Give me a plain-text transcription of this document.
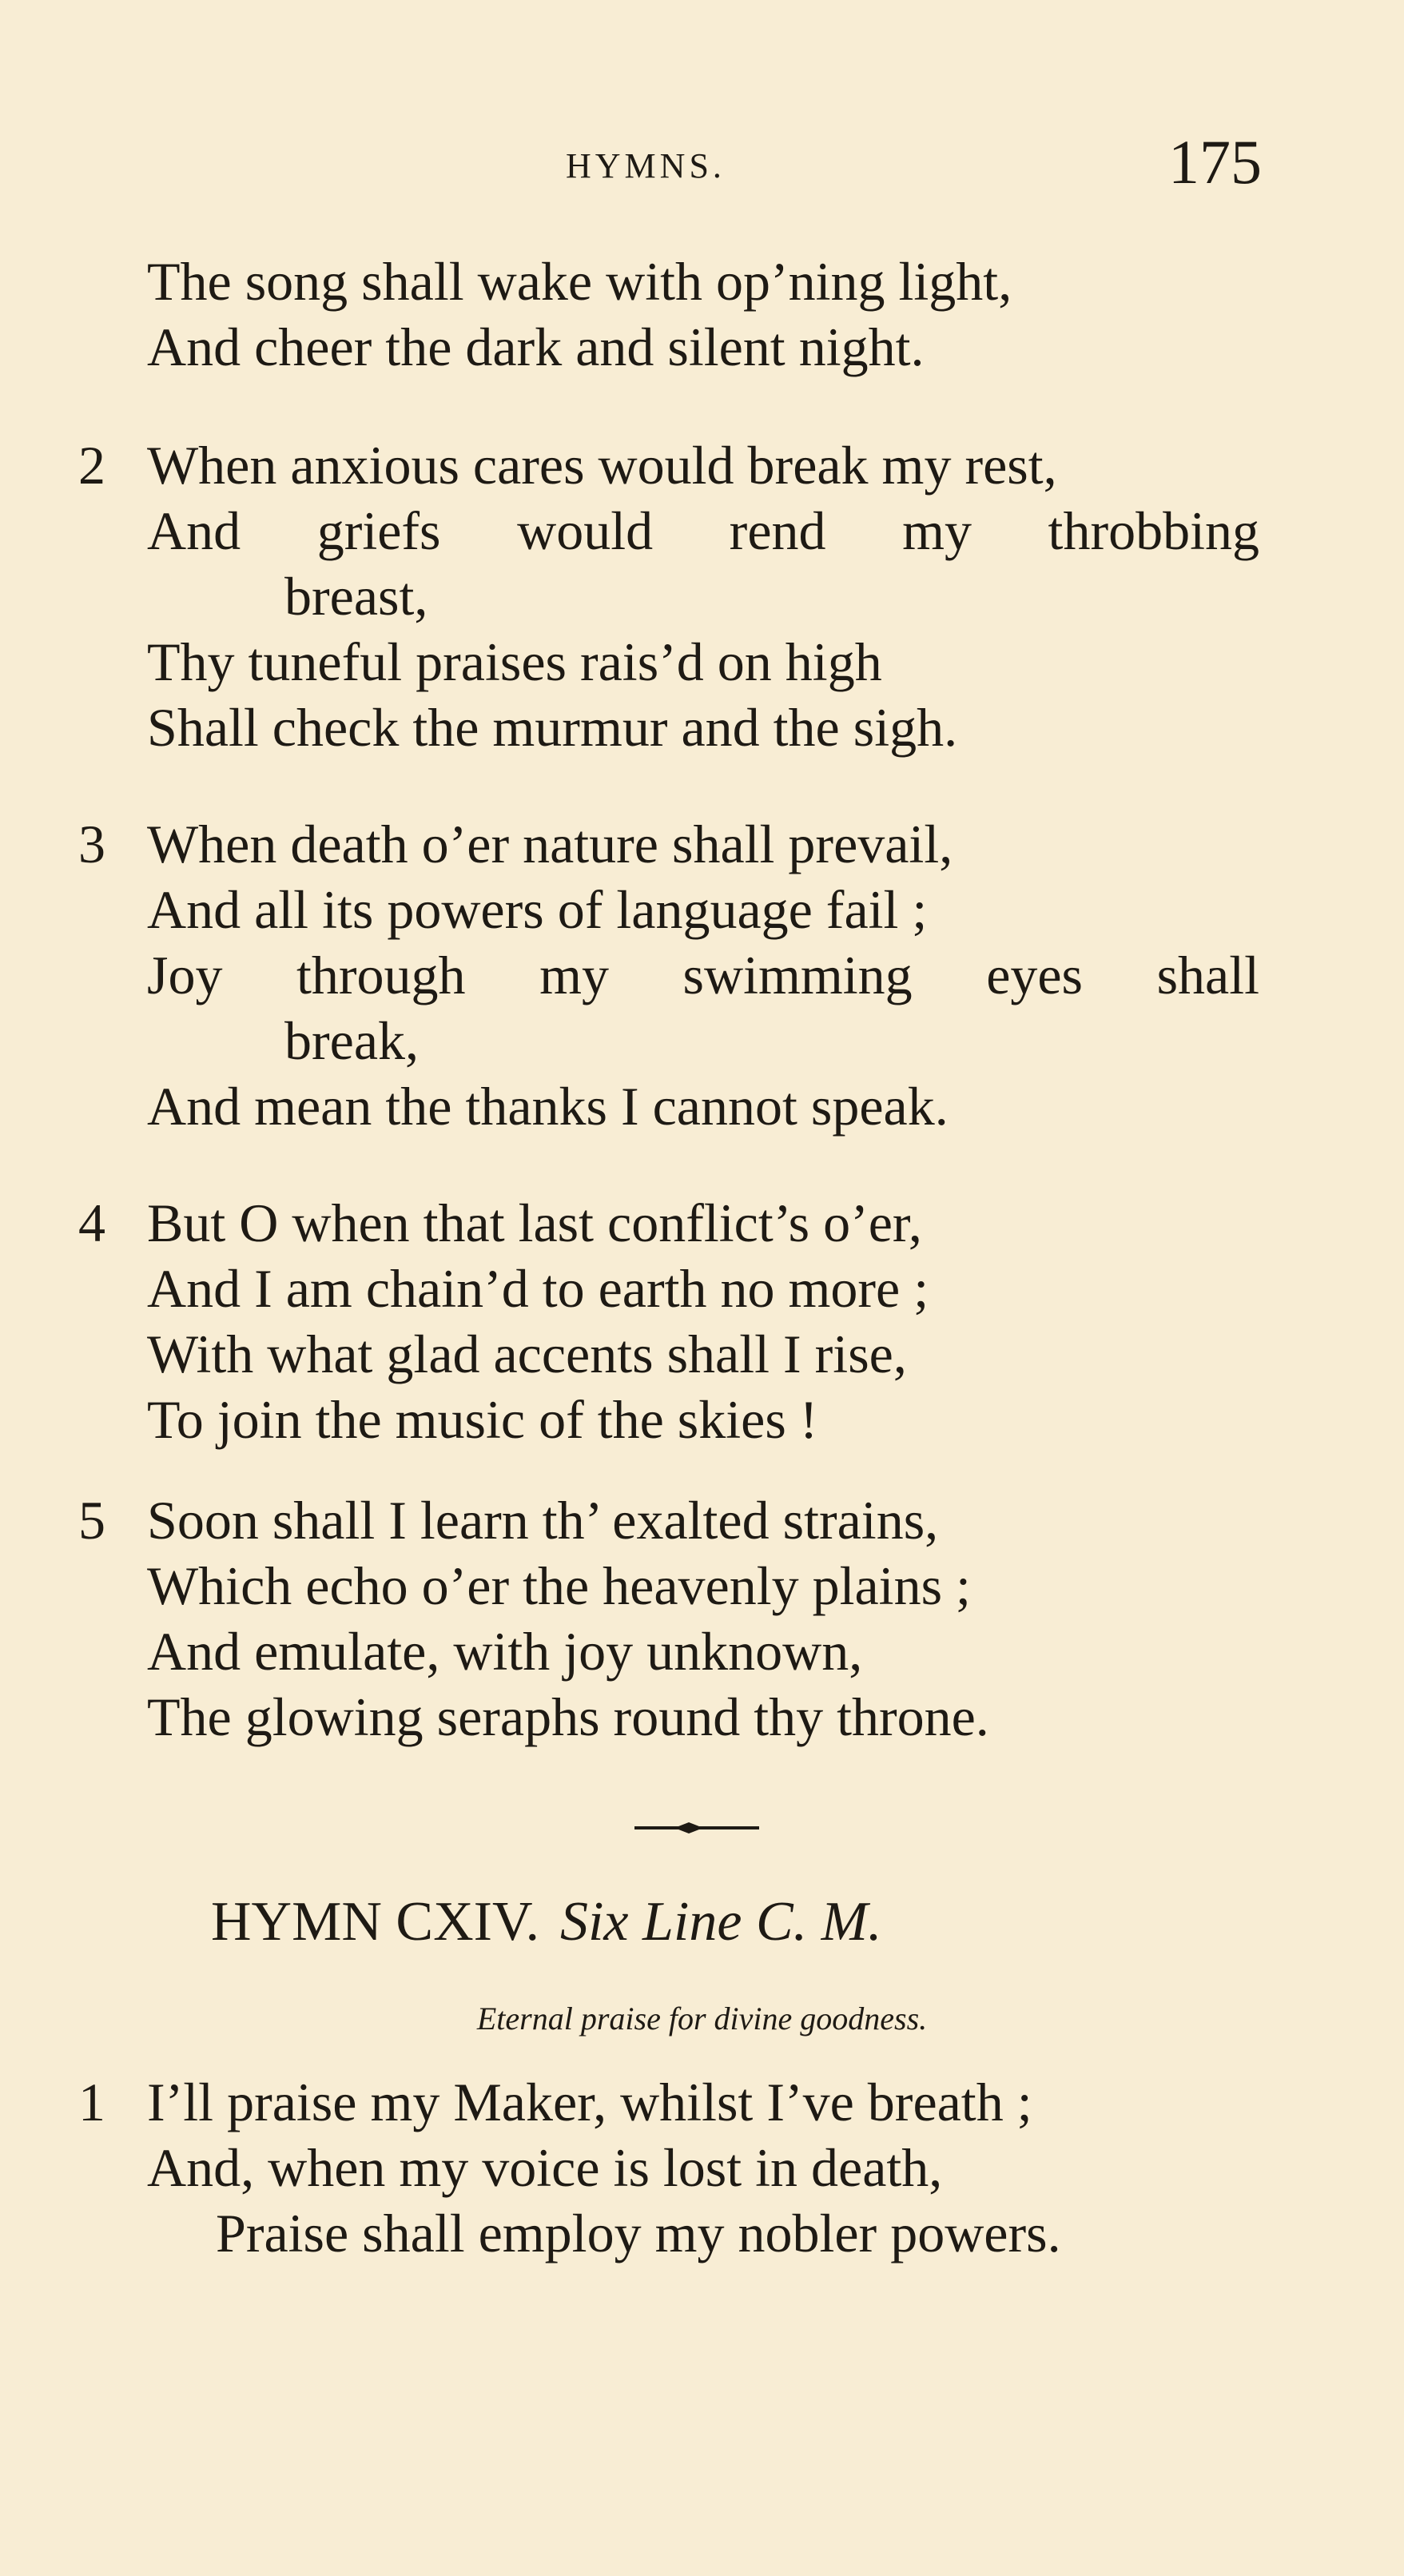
HYMNS.	175
The song shall wake with op’ning light,
And cheer the dark and silent night.
2 When anxious cares would break my rest,
And griefs would rend my throbbing
breast,
Thy tuneful praises rais’d on high
Shall check the murmur and the sigh.
3 When death o’er nature shall prevail,
And all its powers of language fail ;
Joy through my swimming eyes shall
break,
And mean the thanks I cannot speak.
4 But O when that last conflict’s o’er,
And I am chain’d to earth no more ;
With what glad accents shall I rise,
To join the music of the skies !
5 Soon shall I learn th’ exalted strains,
Which echo o’er the heavenly plains ;
And emulate, with joy unknown,
The glowing seraphs round thy throne.
HYMN CXIV. Six Line C. M.
Eternal praise for divine goodness.
1 I’ll praise my Maker, whilst I’ve breath ;
And, when my voice is lost in death,
Praise shall employ my nobler powers.
